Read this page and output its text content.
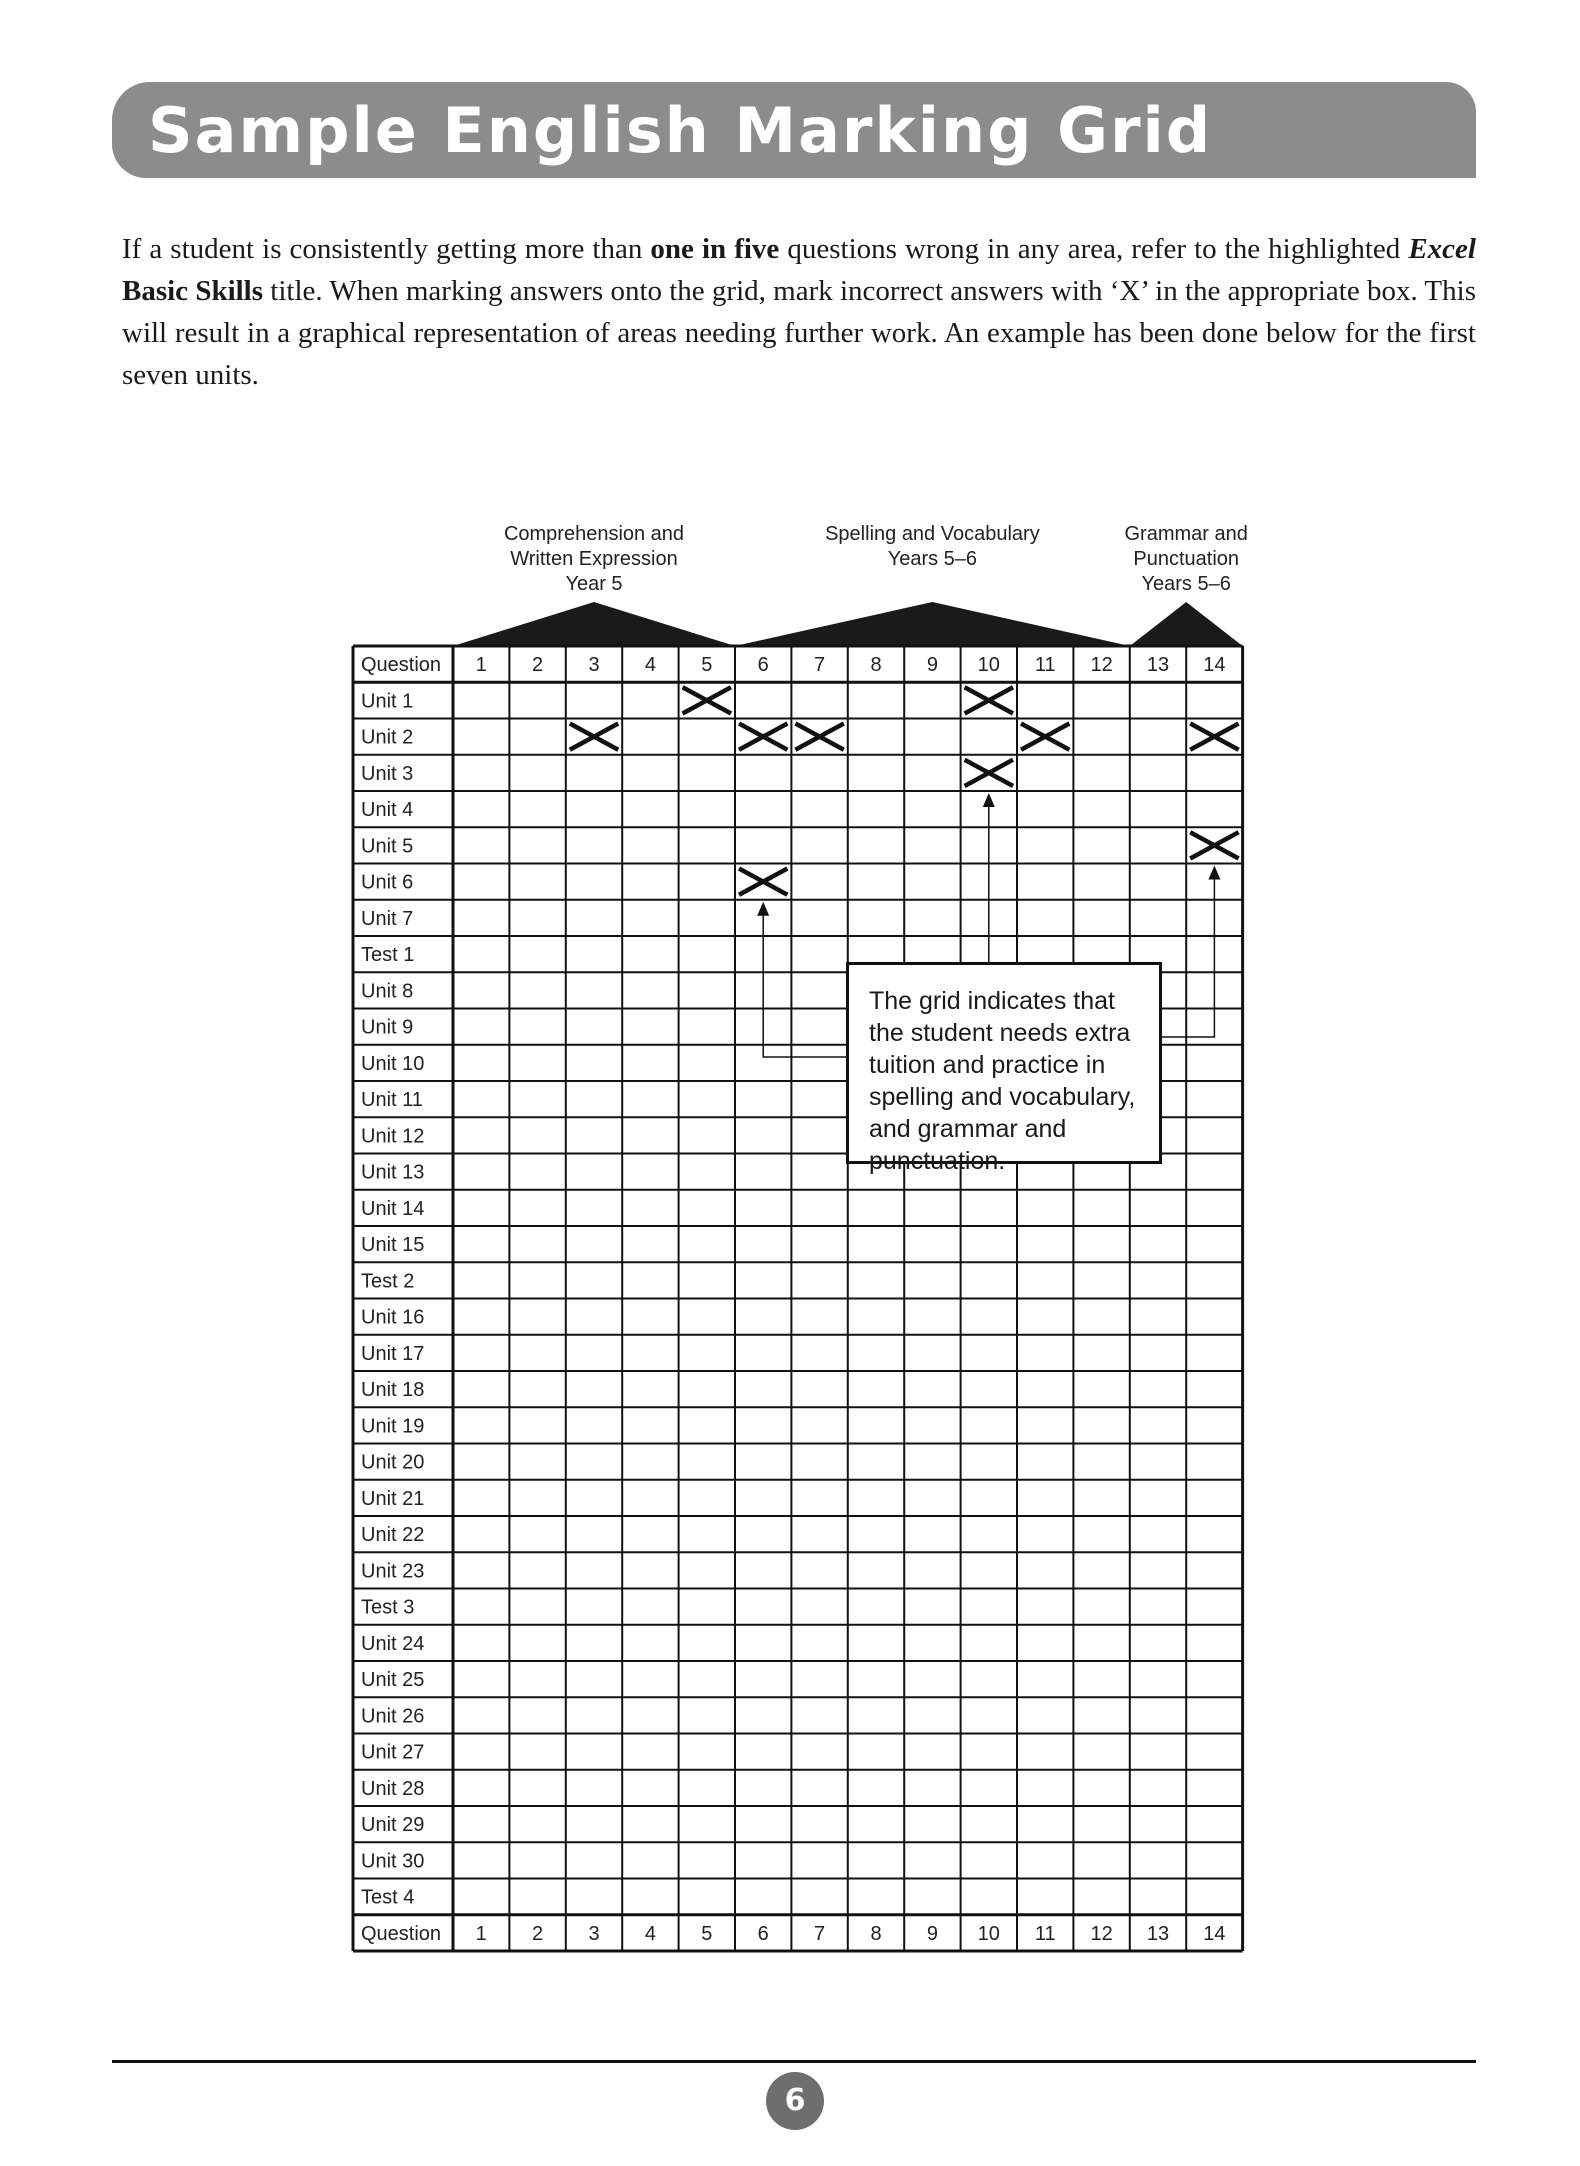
Sample English Marking Grid

If a student is consistently getting more than one in five questions wrong in any area, refer to the highlighted Excel Basic Skills title. When marking answers onto the grid, mark incorrect answers with ‘X’ in the appropriate box. This will result in a graphical representation of areas needing further work. An example has been done below for the first seven units.

Comprehension and
Written Expression
Year 5
Spelling and Vocabulary
Years 5–6
Grammar and
Punctuation
Years 5–6
Question 1 2 3 4 5 6 7 8 9 10 11 12 13 14
Question 1 2 3 4 5 6 7 8 9 10 11 12 13 14
Unit 1
Unit 2
Unit 3
Unit 4
Unit 5
Unit 6
Unit 7
Test 1
Unit 8
Unit 9
Unit 10
Unit 11
Unit 12
Unit 13
Unit 14
Unit 15
Test 2
Unit 16
Unit 17
Unit 18
Unit 19
Unit 20
Unit 21
Unit 22
Unit 23
Test 3
Unit 24
Unit 25
Unit 26
Unit 27
Unit 28
Unit 29
Unit 30
Test 4
The grid indicates that the student needs extra tuition and practice in spelling and vocabulary, and grammar and punctuation.
6
